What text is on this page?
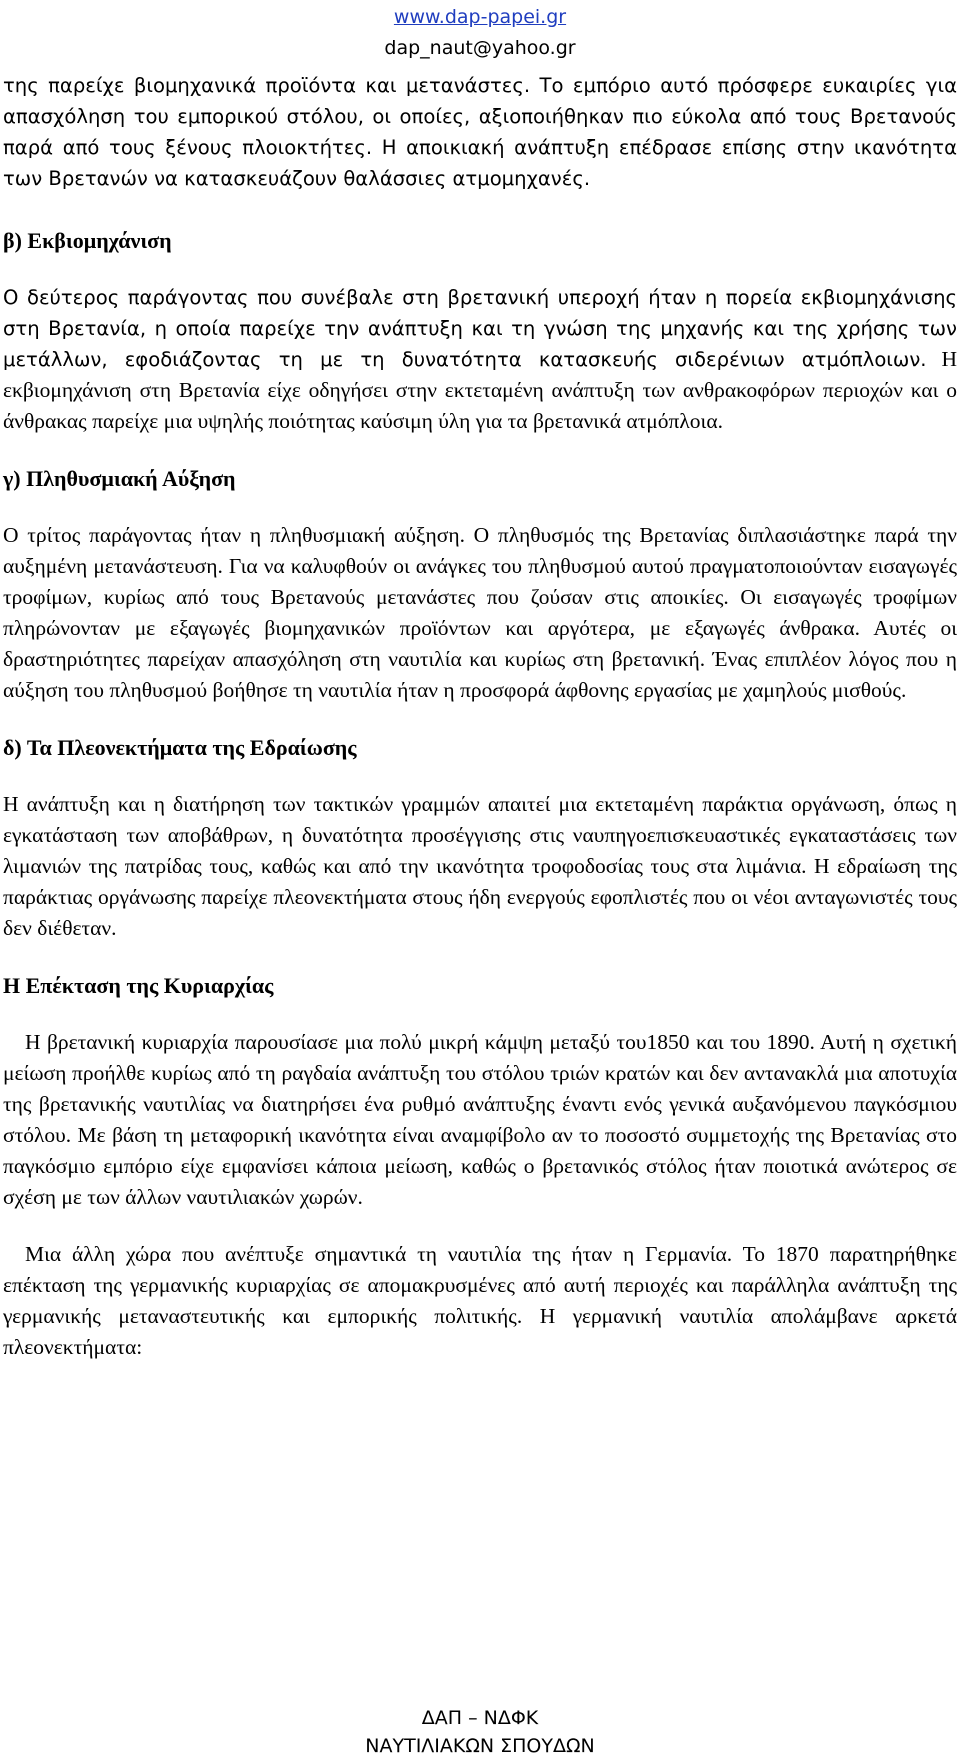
www.dap-papei.gr
dap_naut@yahoo.gr

της παρείχε βιομηχανικά προϊόντα και μετανάστες. Το εμπόριο αυτό πρόσφερε ευκαιρίες για απασχόληση του εμπορικού στόλου, οι οποίες, αξιοποιήθηκαν πιο εύκολα από τους Βρετανούς παρά από τους ξένους πλοιοκτήτες. Η αποικιακή ανάπτυξη επέδρασε επίσης στην ικανότητα των Βρετανών να κατασκευάζουν θαλάσσιες ατμομηχανές.

β) Εκβιομηχάνιση

Ο δεύτερος παράγοντας που συνέβαλε στη βρετανική υπεροχή ήταν η πορεία εκβιομηχάνισης στη Βρετανία, η οποία παρείχε την ανάπτυξη και τη γνώση της μηχανής και της χρήσης των μετάλλων, εφοδιάζοντας τη με τη δυνατότητα κατασκευής σιδερένιων ατμόπλοιων. Η εκβιομηχάνιση στη Βρετανία είχε οδηγήσει στην εκτεταμένη ανάπτυξη των ανθρακοφόρων περιοχών και ο άνθρακας παρείχε μια υψηλής ποιότητας καύσιμη ύλη για τα βρετανικά ατμόπλοια.

γ) Πληθυσμιακή Αύξηση

Ο τρίτος παράγοντας ήταν η πληθυσμιακή αύξηση. Ο πληθυσμός της Βρετανίας διπλασιάστηκε παρά την αυξημένη μετανάστευση. Για να καλυφθούν οι ανάγκες του πληθυσμού αυτού πραγματοποιούνταν εισαγωγές τροφίμων, κυρίως από τους Βρετανούς μετανάστες που ζούσαν στις αποικίες. Οι εισαγωγές τροφίμων πληρώνονταν με εξαγωγές βιομηχανικών προϊόντων και αργότερα, με εξαγωγές άνθρακα. Αυτές οι δραστηριότητες παρείχαν απασχόληση στη ναυτιλία και κυρίως στη βρετανική. Ένας επιπλέον λόγος που η αύξηση του πληθυσμού βοήθησε τη ναυτιλία ήταν η προσφορά άφθονης εργασίας με χαμηλούς μισθούς.

δ) Τα Πλεονεκτήματα της Εδραίωσης

Η ανάπτυξη και η διατήρηση των τακτικών γραμμών απαιτεί μια εκτεταμένη παράκτια οργάνωση, όπως η εγκατάσταση των αποβάθρων, η δυνατότητα προσέγγισης στις ναυπηγοεπισκευαστικές εγκαταστάσεις των λιμανιών της πατρίδας τους, καθώς και από την ικανότητα τροφοδοσίας τους στα λιμάνια. Η εδραίωση της παράκτιας οργάνωσης παρείχε πλεονεκτήματα στους ήδη ενεργούς εφοπλιστές που οι νέοι ανταγωνιστές τους δεν διέθεταν.

Η Επέκταση της Κυριαρχίας

Η βρετανική κυριαρχία παρουσίασε μια πολύ μικρή κάμψη μεταξύ του1850 και του 1890. Αυτή η σχετική μείωση προήλθε κυρίως από τη ραγδαία ανάπτυξη του στόλου τριών κρατών και δεν αντανακλά μια αποτυχία της βρετανικής ναυτιλίας να διατηρήσει ένα ρυθμό ανάπτυξης έναντι ενός γενικά αυξανόμενου παγκόσμιου στόλου. Με βάση τη μεταφορική ικανότητα είναι αναμφίβολο αν το ποσοστό συμμετοχής της Βρετανίας στο παγκόσμιο εμπόριο είχε εμφανίσει κάποια μείωση, καθώς ο βρετανικός στόλος ήταν ποιοτικά ανώτερος σε σχέση με των άλλων ναυτιλιακών χωρών.

Μια άλλη χώρα που ανέπτυξε σημαντικά τη ναυτιλία της ήταν η Γερμανία. Το 1870 παρατηρήθηκε επέκταση της γερμανικής κυριαρχίας σε απομακρυσμένες από αυτή περιοχές και παράλληλα ανάπτυξη της γερμανικής μεταναστευτικής και εμπορικής πολιτικής. Η γερμανική ναυτιλία απολάμβανε αρκετά πλεονεκτήματα:

ΔΑΠ – ΝΔΦΚ
ΝΑΥΤΙΛΙΑΚΩΝ ΣΠΟΥΔΩΝ
